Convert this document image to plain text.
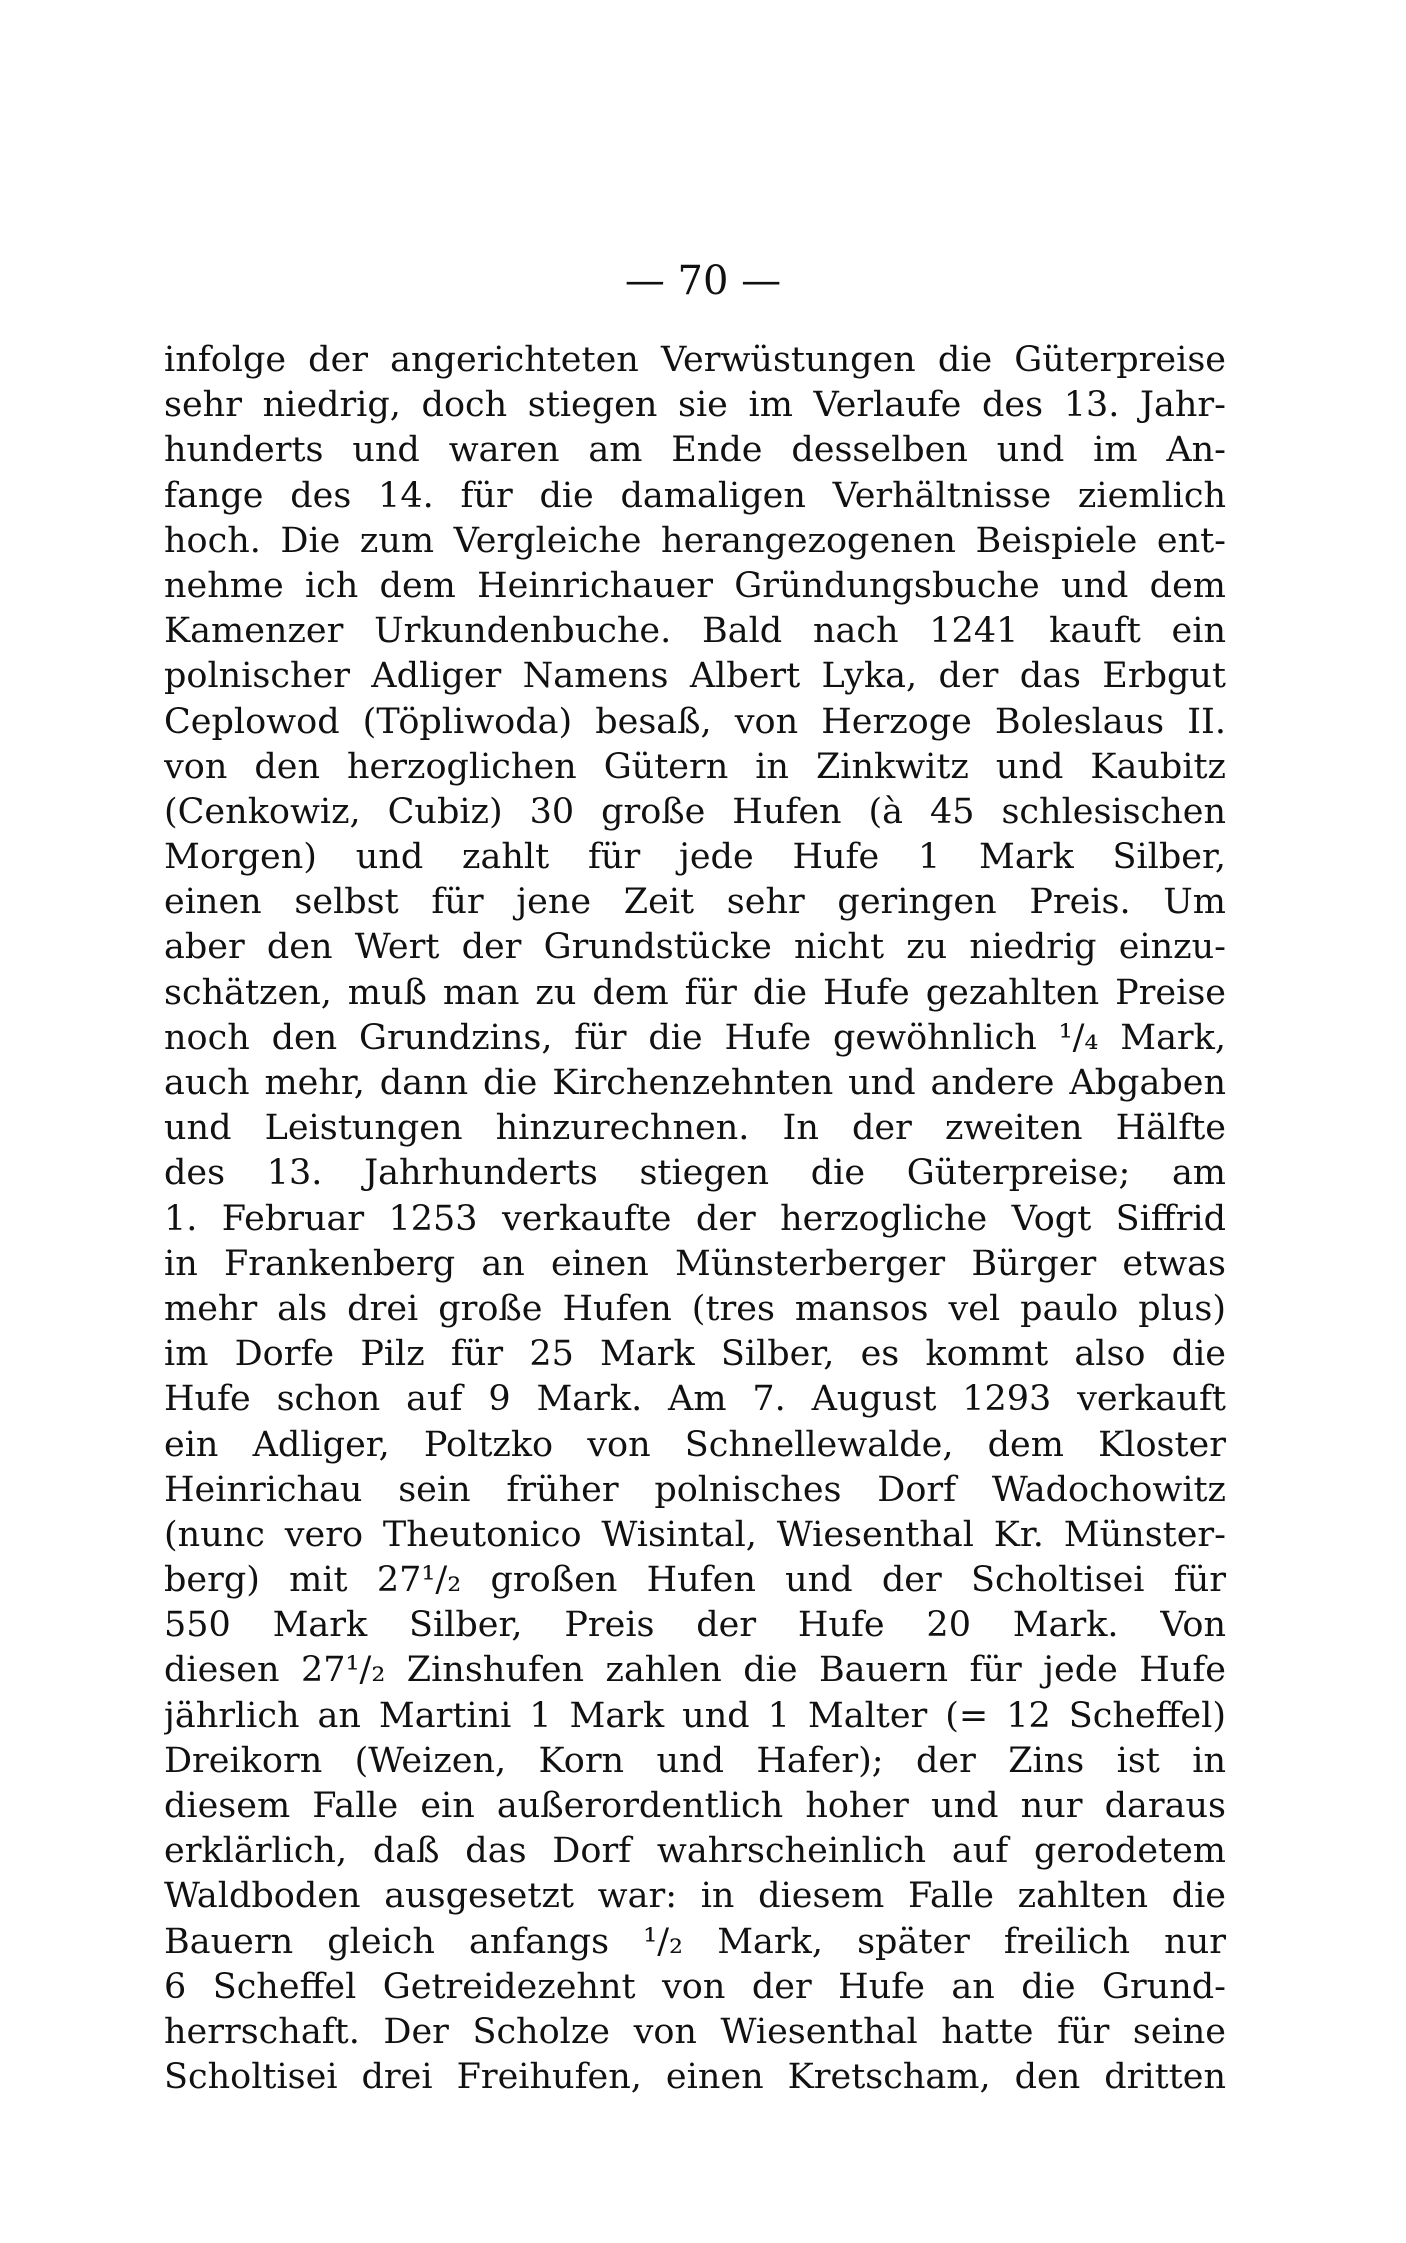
— 70 —
infolge der angerichteten Verwüstungen die Güterpreise
sehr niedrig, doch stiegen sie im Verlaufe des 13. Jahr-
hunderts und waren am Ende desselben und im An-
fange des 14. für die damaligen Verhältnisse ziemlich
hoch. Die zum Vergleiche herangezogenen Beispiele ent-
nehme ich dem Heinrichauer Gründungsbuche und dem
Kamenzer Urkundenbuche. Bald nach 1241 kauft ein
polnischer Adliger Namens Albert Lyka, der das Erbgut
Ceplowod (Töplіwoda) besaß, von Herzoge Boleslaus II.
von den herzoglichen Gütern in Zinkwitz und Kaubitz
(Cenkowiz, Cubiz) 30 große Hufen (à 45 schlesischen
Morgen) und zahlt für jede Hufe 1 Mark Silber,
einen selbst für jene Zeit sehr geringen Preis. Um
aber den Wert der Grundstücke nicht zu niedrig einzu-
schätzen, muß man zu dem für die Hufe gezahlten Preise
noch den Grundzins, für die Hufe gewöhnlich ¹/₄ Mark,
auch mehr, dann die Kirchenzehnten und andere Abgaben
und Leistungen hinzurechnen. In der zweiten Hälfte
des 13. Jahrhunderts stiegen die Güterpreise; am
1. Februar 1253 verkaufte der herzogliche Vogt Siffrid
in Frankenberg an einen Münsterberger Bürger etwas
mehr als drei große Hufen (tres mansos vel paulo plus)
im Dorfe Pilz für 25 Mark Silber, es kommt also die
Hufe schon auf 9 Mark. Am 7. August 1293 verkauft
ein Adliger, Poltzko von Schnellewalde, dem Kloster
Heinrichau sein früher polnisches Dorf Wadochowitz
(nunc vero Theutonico Wisintal, Wiesenthal Kr. Münster-
berg) mit 27¹/₂ großen Hufen und der Scholtisei für
550 Mark Silber, Preis der Hufe 20 Mark. Von
diesen 27¹/₂ Zinshufen zahlen die Bauern für jede Hufe
jährlich an Martini 1 Mark und 1 Malter (= 12 Scheffel)
Dreikorn (Weizen, Korn und Hafer); der Zins ist in
diesem Falle ein außerordentlich hoher und nur daraus
erklärlich, daß das Dorf wahrscheinlich auf gerodetem
Waldboden ausgesetzt war: in diesem Falle zahlten die
Bauern gleich anfangs ¹/₂ Mark, später freilich nur
6 Scheffel Getreidezehnt von der Hufe an die Grund-
herrschaft. Der Scholze von Wiesenthal hatte für seine
Scholtisei drei Freihufen, einen Kretscham, den dritten
